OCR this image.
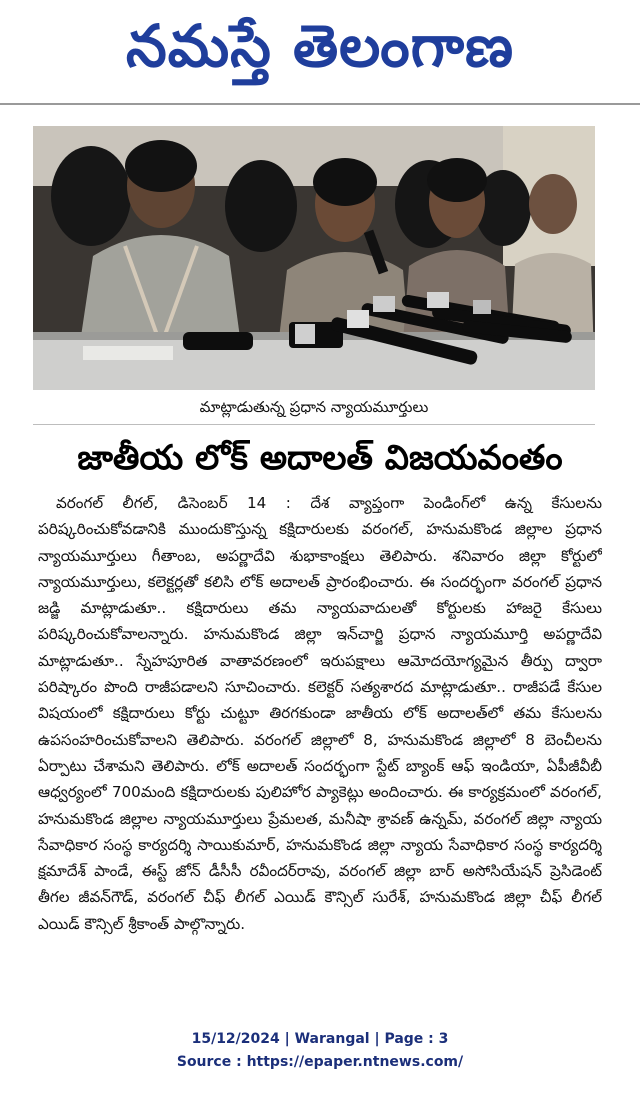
నమస్తే తెలంగాణ
మాట్లాడుతున్న ప్రధాన న్యాయమూర్తులు
జాతీయ లోక్ అదాలత్ విజయవంతం

వరంగల్ లీగల్, డిసెంబర్ 14 : దేశ వ్యాప్తంగా పెండింగ్‌లో ఉన్న కేసులను పరిష్కరించుకోవడానికి ముందుకొస్తున్న కక్షిదారులకు వరంగల్, హనుమకొండ జిల్లాల ప్రధాన న్యాయమూర్తులు గీతాంబ, అపర్ణాదేవి శుభాకాంక్షలు తెలిపారు. శనివారం జిల్లా కోర్టులో న్యాయమూర్తులు, కలెక్టర్లతో కలిసి లోక్ అదాలత్ ప్రారంభించారు. ఈ సందర్భంగా వరంగల్ ప్రధాన జడ్జి మాట్లాడుతూ.. కక్షిదారులు తమ న్యాయవాదులతో కోర్టులకు హాజరై కేసులు పరిష్కరించుకోవాలన్నారు. హనుమకొండ జిల్లా ఇన్‌చార్జి ప్రధాన న్యాయమూర్తి అపర్ణాదేవి మాట్లాడుతూ.. స్నేహపూరిత వాతావరణంలో ఇరుపక్షాలు ఆమోదయోగ్యమైన తీర్పు ద్వారా పరిష్కారం పొంది రాజీపడాలని సూచించారు. కలెక్టర్ సత్యశారద మాట్లాడుతూ.. రాజీపడే కేసుల విషయంలో కక్షిదారులు కోర్టు చుట్టూ తిరగకుండా జాతీయ లోక్ అదాలత్‌లో తమ కేసులను ఉపసంహరించుకోవాలని తెలిపారు. వరంగల్ జిల్లాలో 8, హనుమకొండ జిల్లాలో 8 బెంచీలను ఏర్పాటు చేశామని తెలిపారు. లోక్ అదాలత్ సందర్భంగా స్టేట్ బ్యాంక్ ఆఫ్ ఇండియా, ఏపీజీవీబీ ఆధ్వర్యంలో 700మంది కక్షిదారులకు పులిహోర ప్యాకెట్లు అందించారు. ఈ కార్యక్రమంలో వరంగల్, హనుమకొండ జిల్లాల న్యాయమూర్తులు ప్రేమలత, మనీషా శ్రావణ్ ఉన్నమ్, వరంగల్ జిల్లా న్యాయ సేవాధికార సంస్థ కార్యదర్శి సాయికుమార్, హనుమకొండ జిల్లా న్యాయ సేవాధికార సంస్థ కార్యదర్శి క్షమాదేశ్ పాండే, ఈస్ట్ జోన్ డీసీసీ రవీందర్‌రావు, వరంగల్ జిల్లా బార్ అసోసియేషన్ ప్రెసిడెంట్ తీగల జీవన్‌గౌడ్, వరంగల్ చీఫ్ లీగల్ ఎయిడ్ కౌన్సిల్ సురేశ్, హనుమకొండ జిల్లా చీఫ్ లీగల్ ఎయిడ్ కౌన్సిల్ శ్రీకాంత్ పాల్గొన్నారు.

15/12/2024 | Warangal | Page : 3
Source : https://epaper.ntnews.com/
